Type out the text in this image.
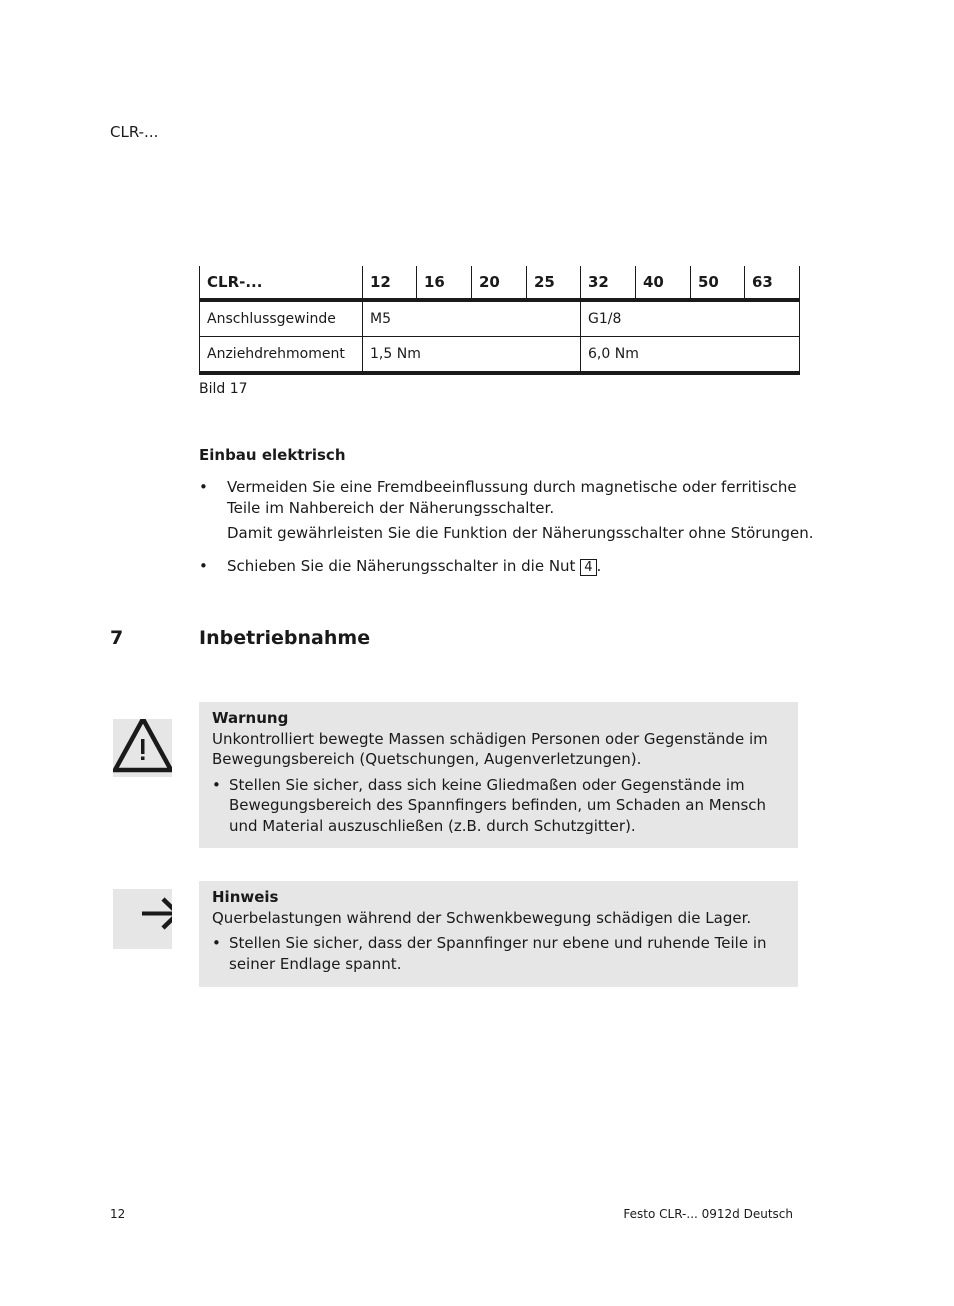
CLR-...
CLR-...	12	16	20	25	32	40	50	63
Anschlussgewinde	M5				G1/8			
Anziehdrehmoment	1,5 Nm				6,0 Nm			
Bild 17
Einbau elektrisch
• Vermeiden Sie eine Fremdbeeinflussung durch magnetische oder ferritische Teile im Nahbereich der Näherungsschalter.
Damit gewährleisten Sie die Funktion der Näherungsschalter ohne Störungen.
• Schieben Sie die Näherungsschalter in die Nut 4 .
7	Inbetriebnahme
Warnung
Unkontrolliert bewegte Massen schädigen Personen oder Gegenstände im Bewegungsbereich (Quetschungen, Augenverletzungen).
• Stellen Sie sicher, dass sich keine Gliedmaßen oder Gegenstände im Bewegungsbereich des Spannfingers befinden, um Schaden an Mensch und Material auszuschließen (z.B. durch Schutzgitter).
Hinweis
Querbelastungen während der Schwenkbewegung schädigen die Lager.
• Stellen Sie sicher, dass der Spannfinger nur ebene und ruhende Teile in seiner Endlage spannt.
12	Festo CLR-... 0912d Deutsch
